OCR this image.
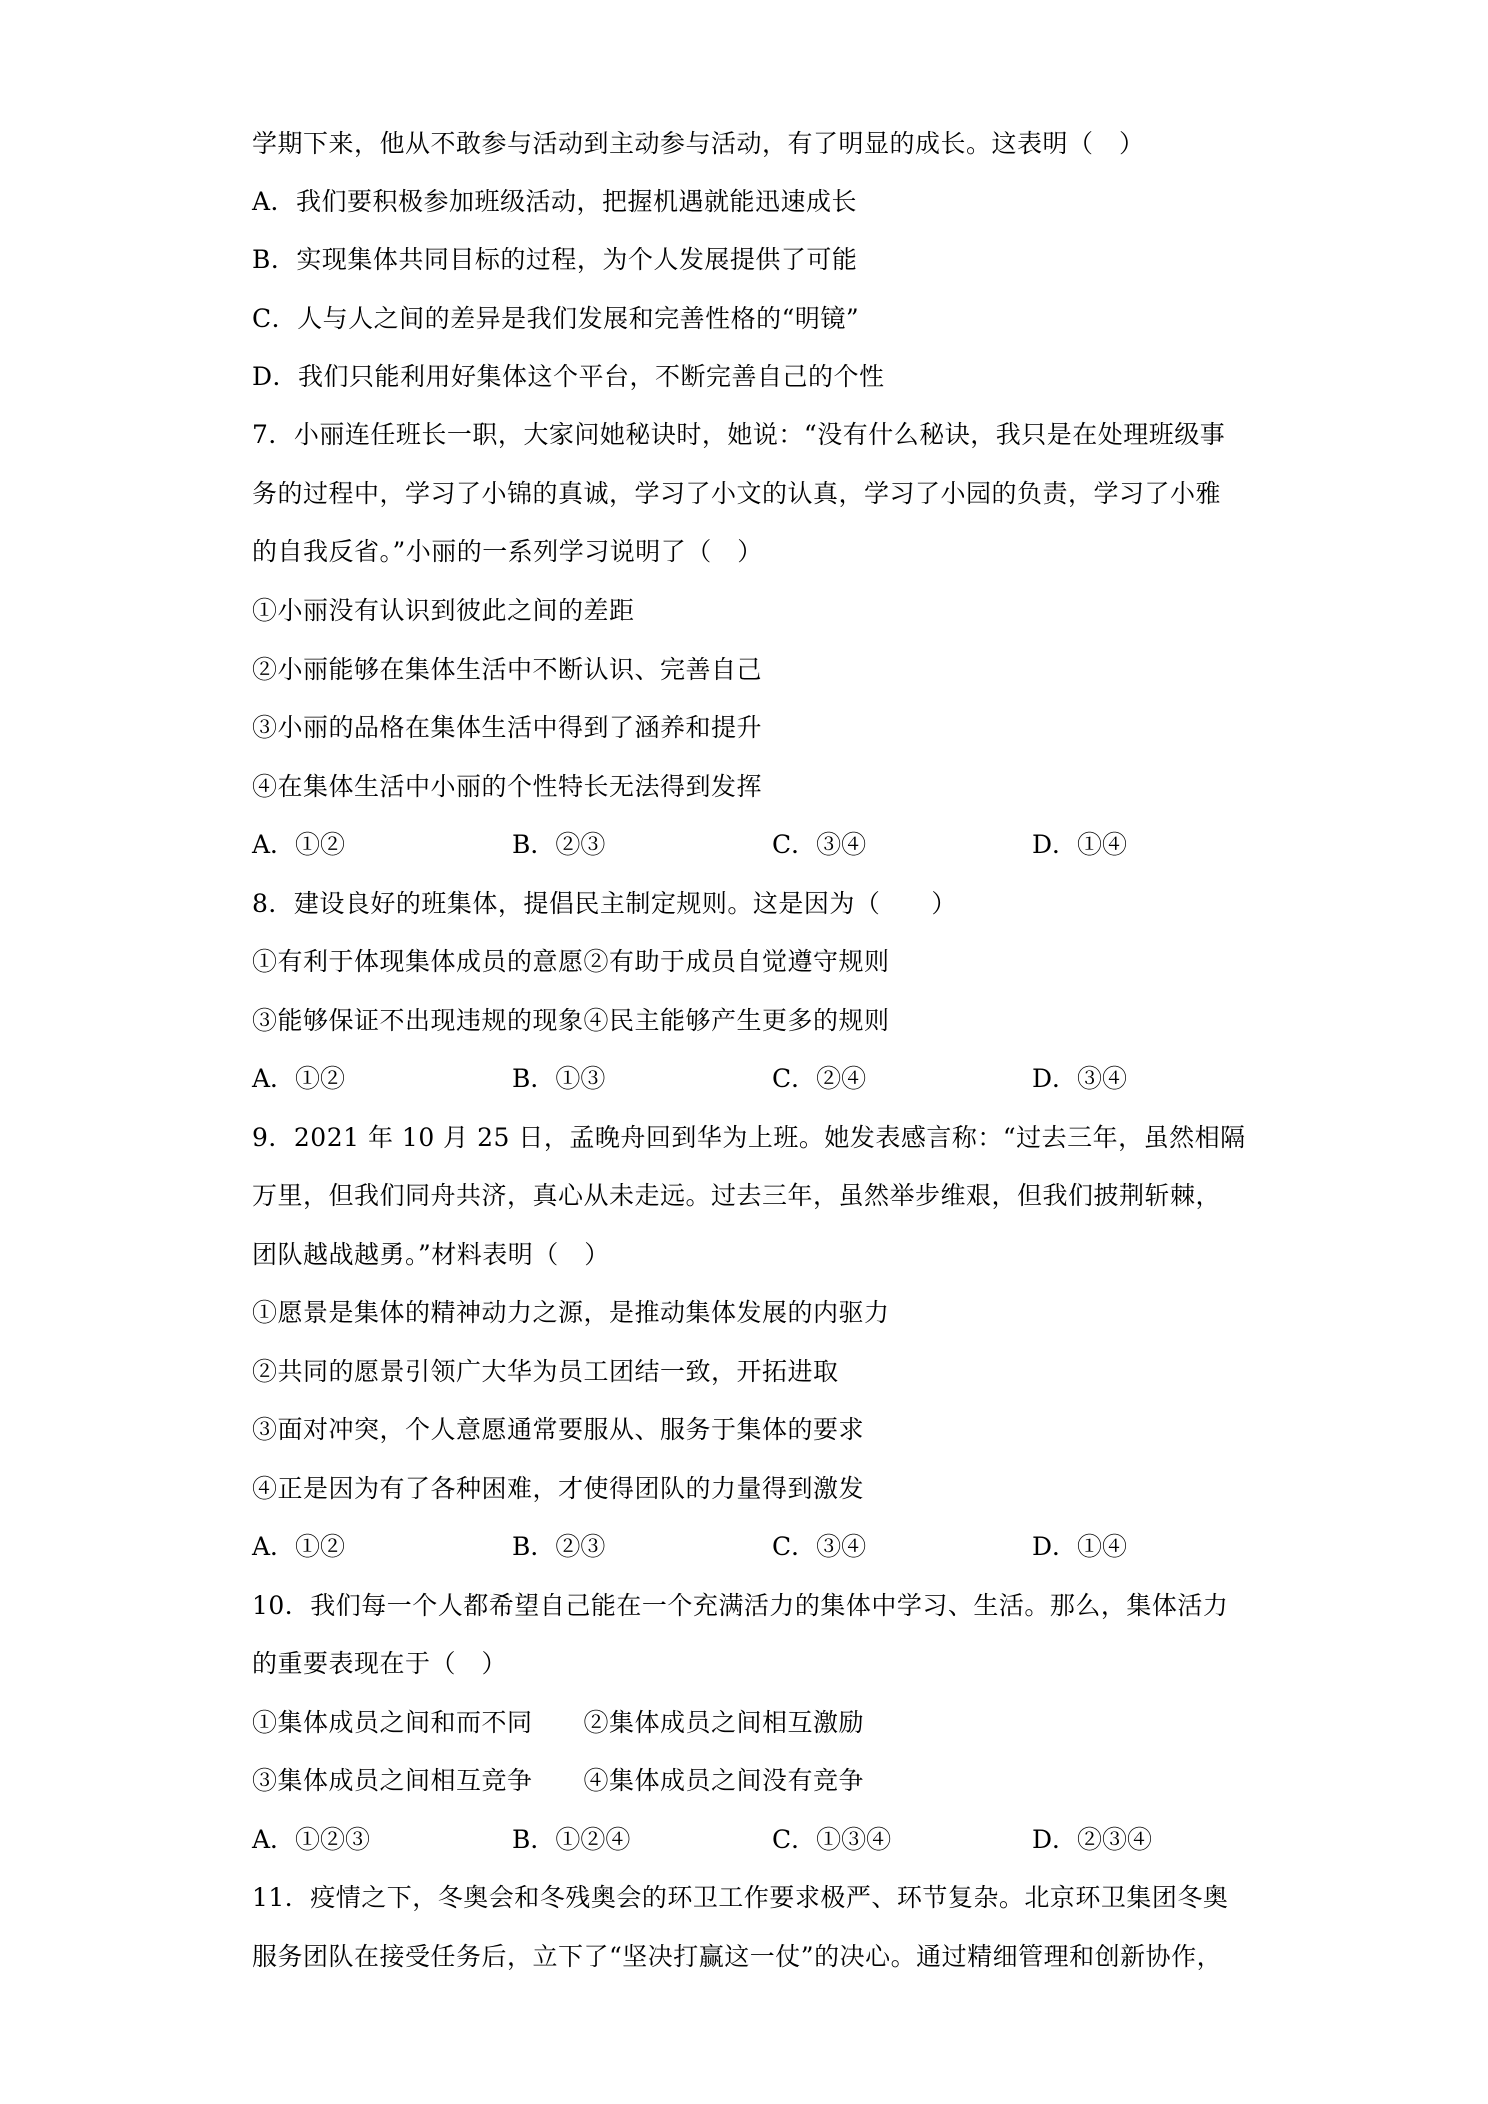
学期下来，他从不敢参与活动到主动参与活动，有了明显的成长。这表明（　）
A．我们要积极参加班级活动，把握机遇就能迅速成长
B．实现集体共同目标的过程，为个人发展提供了可能
C．人与人之间的差异是我们发展和完善性格的“明镜”
D．我们只能利用好集体这个平台，不断完善自己的个性
7．小丽连任班长一职，大家问她秘诀时，她说：“没有什么秘诀，我只是在处理班级事
务的过程中，学习了小锦的真诚，学习了小文的认真，学习了小园的负责，学习了小雅
的自我反省。”小丽的一系列学习说明了（　）
①小丽没有认识到彼此之间的差距
②小丽能够在集体生活中不断认识、完善自己
③小丽的品格在集体生活中得到了涵养和提升
④在集体生活中小丽的个性特长无法得到发挥
A．①②	B．②③	C．③④	D．①④
8．建设良好的班集体，提倡民主制定规则。这是因为（　　）
①有利于体现集体成员的意愿②有助于成员自觉遵守规则
③能够保证不出现违规的现象④民主能够产生更多的规则
A．①②	B．①③	C．②④	D．③④
9．2021 年 10 月 25 日，孟晚舟回到华为上班。她发表感言称：“过去三年，虽然相隔
万里，但我们同舟共济，真心从未走远。过去三年，虽然举步维艰，但我们披荆斩棘，
团队越战越勇。”材料表明（　）
①愿景是集体的精神动力之源，是推动集体发展的内驱力
②共同的愿景引领广大华为员工团结一致，开拓进取
③面对冲突，个人意愿通常要服从、服务于集体的要求
④正是因为有了各种困难，才使得团队的力量得到激发
A．①②	B．②③	C．③④	D．①④
10．我们每一个人都希望自己能在一个充满活力的集体中学习、生活。那么，集体活力
的重要表现在于（　）
①集体成员之间和而不同　　②集体成员之间相互激励
③集体成员之间相互竞争　　④集体成员之间没有竞争
A．①②③	B．①②④	C．①③④	D．②③④
11．疫情之下，冬奥会和冬残奥会的环卫工作要求极严、环节复杂。北京环卫集团冬奥
服务团队在接受任务后，立下了“坚决打赢这一仗”的决心。通过精细管理和创新协作，
